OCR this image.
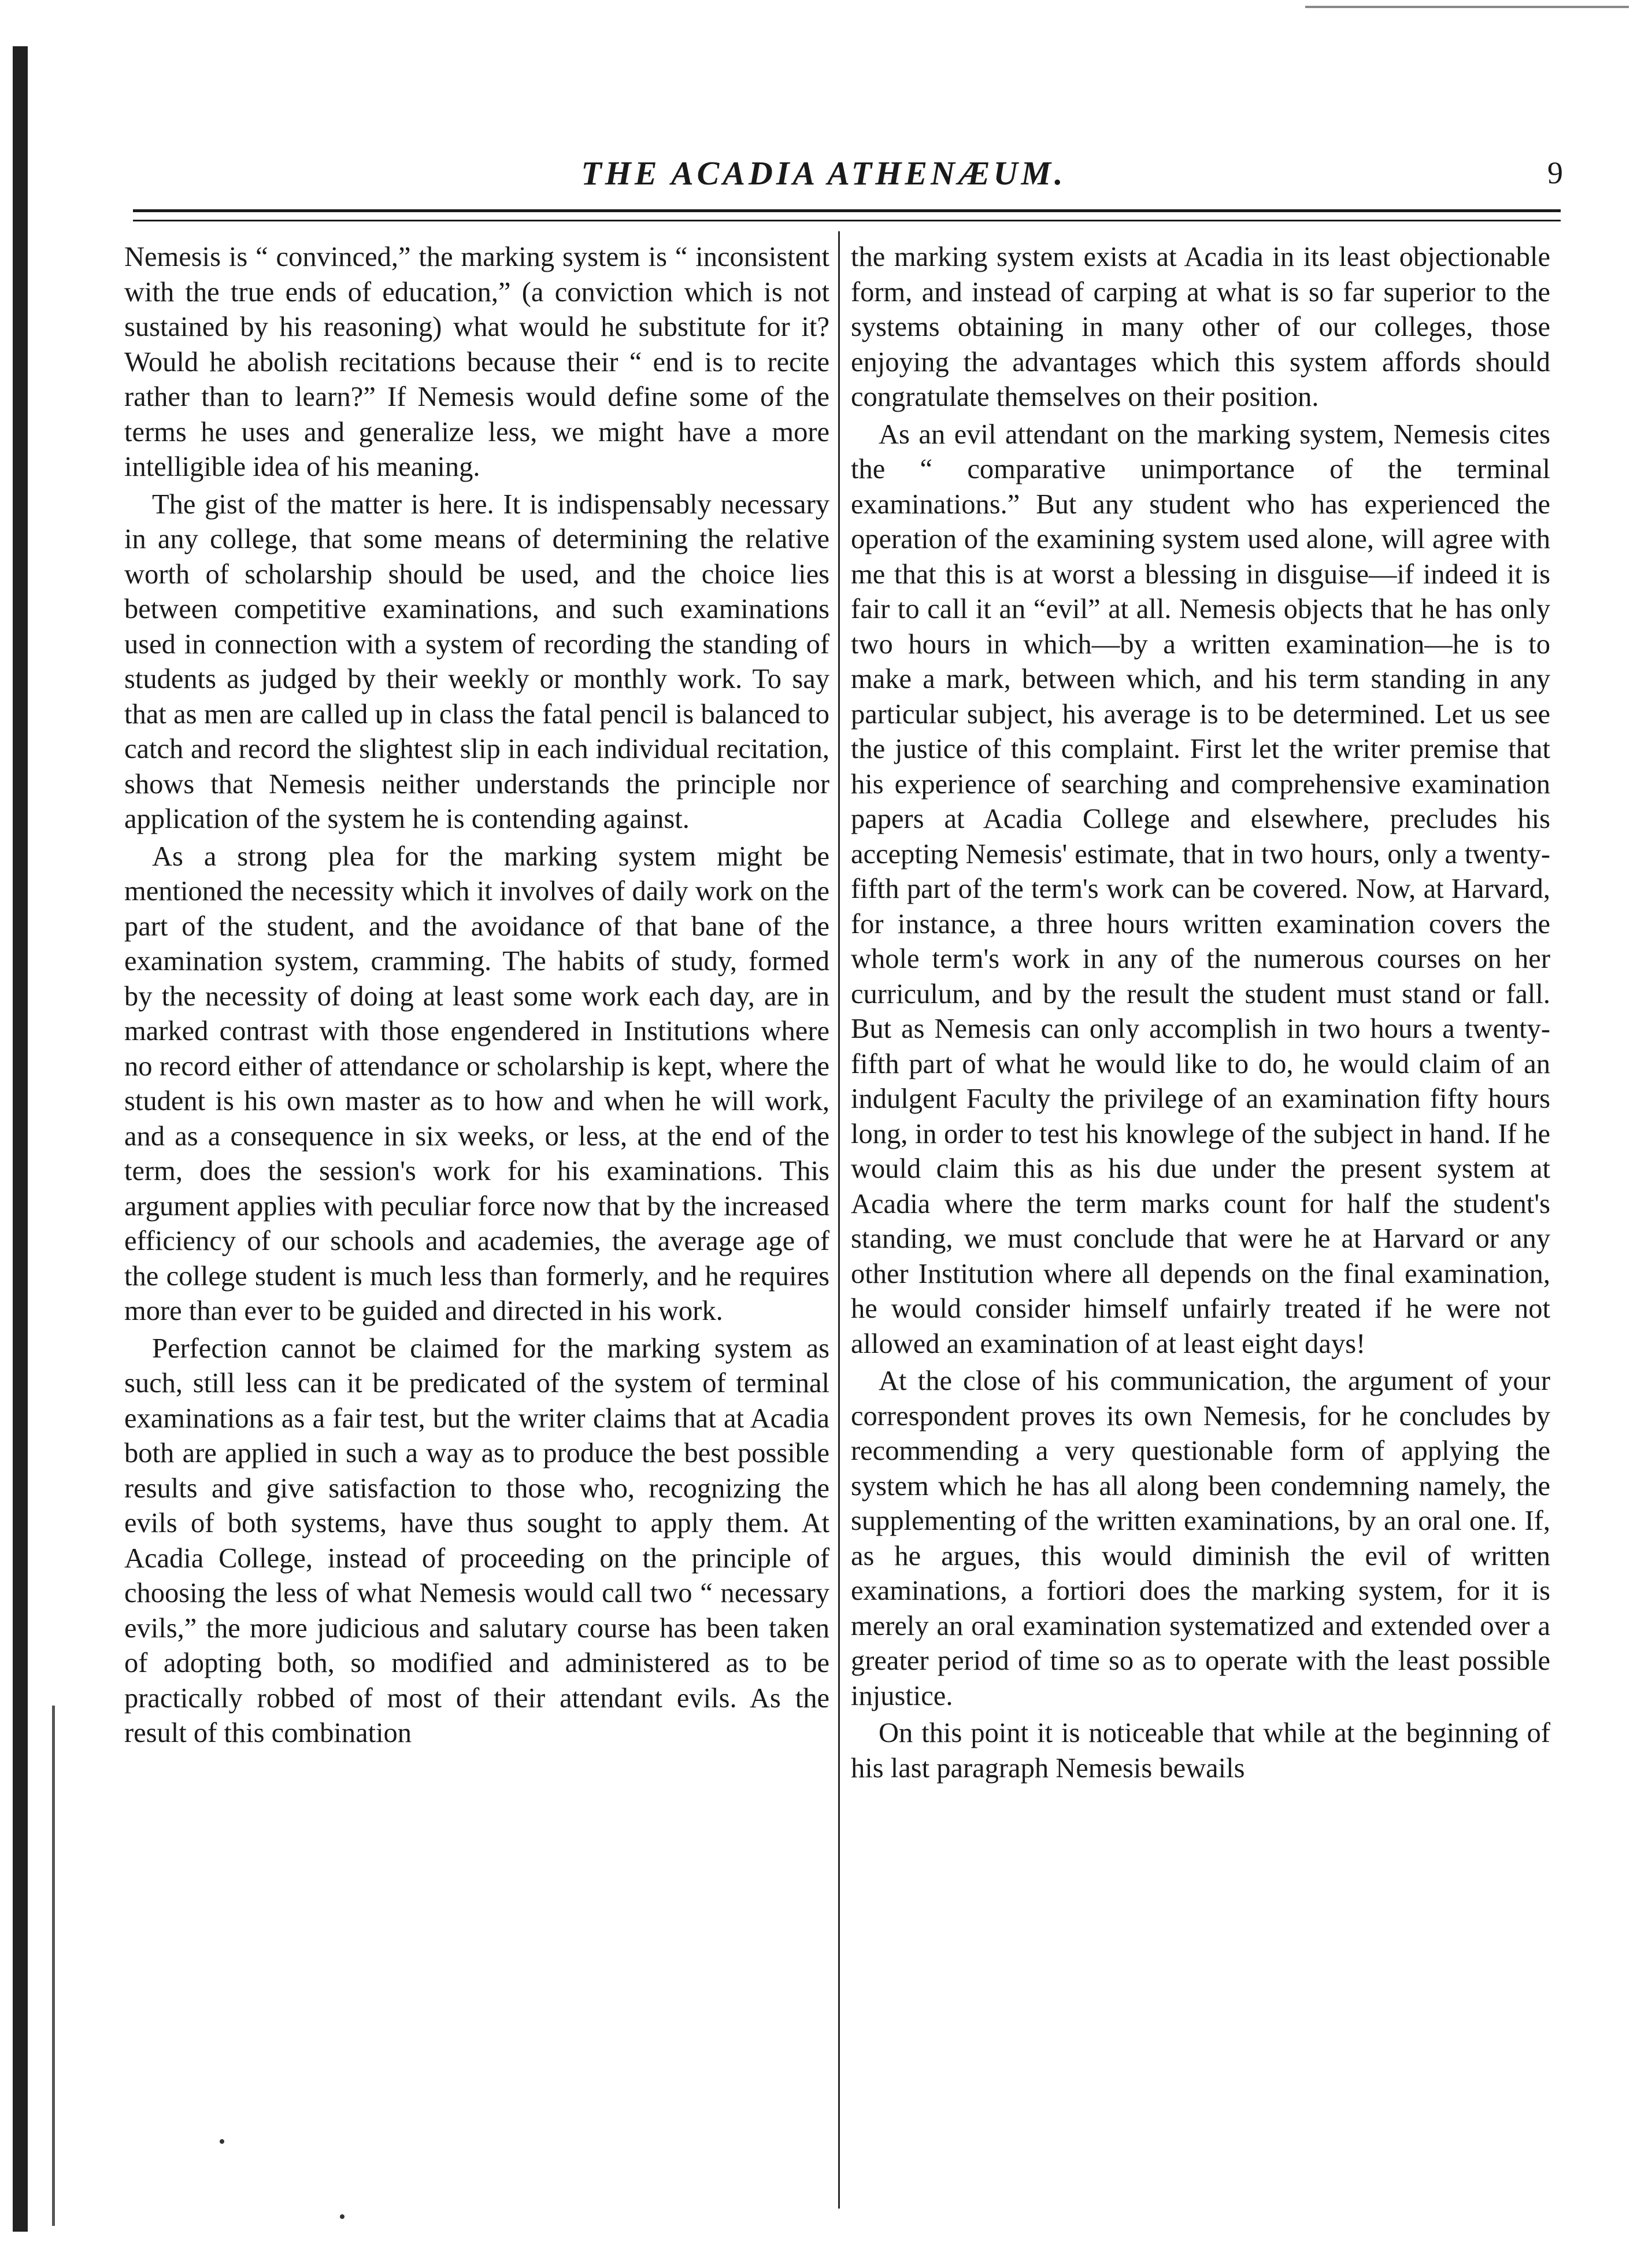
THE ACADIA ATHENÆUM.	9

Nemesis is “ convinced,” the marking system is “ inconsistent with the true ends of education,” (a conviction which is not sustained by his reasoning) what would he substitute for it? Would he abolish recitations because their “ end is to recite rather than to learn?” If Nemesis would define some of the terms he uses and generalize less, we might have a more intelligible idea of his meaning.

The gist of the matter is here. It is indispensably necessary in any college, that some means of determining the relative worth of scholarship should be used, and the choice lies between competitive examinations, and such examinations used in connection with a system of recording the standing of students as judged by their weekly or monthly work. To say that as men are called up in class the fatal pencil is balanced to catch and record the slightest slip in each individual recitation, shows that Nemesis neither understands the principle nor application of the system he is contending against.

As a strong plea for the marking system might be mentioned the necessity which it involves of daily work on the part of the student, and the avoidance of that bane of the examination system, cramming. The habits of study, formed by the necessity of doing at least some work each day, are in marked contrast with those engendered in Institutions where no record either of attendance or scholarship is kept, where the student is his own master as to how and when he will work, and as a consequence in six weeks, or less, at the end of the term, does the session's work for his examinations. This argument applies with peculiar force now that by the increased efficiency of our schools and academies, the average age of the college student is much less than formerly, and he requires more than ever to be guided and directed in his work.

Perfection cannot be claimed for the marking system as such, still less can it be predicated of the system of terminal examinations as a fair test, but the writer claims that at Acadia both are applied in such a way as to produce the best possible results and give satisfaction to those who, recognizing the evils of both systems, have thus sought to apply them. At Acadia College, instead of proceeding on the principle of choosing the less of what Nemesis would call two “ necessary evils,” the more judicious and salutary course has been taken of adopting both, so modified and administered as to be practically robbed of most of their attendant evils. As the result of this combination

the marking system exists at Acadia in its least objectionable form, and instead of carping at what is so far superior to the systems obtaining in many other of our colleges, those enjoying the advantages which this system affords should congratulate themselves on their position.

As an evil attendant on the marking system, Nemesis cites the “ comparative unimportance of the terminal examinations.” But any student who has experienced the operation of the examining system used alone, will agree with me that this is at worst a blessing in disguise—if indeed it is fair to call it an “evil” at all. Nemesis objects that he has only two hours in which—by a written examination—he is to make a mark, between which, and his term standing in any particular subject, his average is to be determined. Let us see the justice of this complaint. First let the writer premise that his experience of searching and comprehensive examination papers at Acadia College and elsewhere, precludes his accepting Nemesis' estimate, that in two hours, only a twenty-fifth part of the term's work can be covered. Now, at Harvard, for instance, a three hours written examination covers the whole term's work in any of the numerous courses on her curriculum, and by the result the student must stand or fall. But as Nemesis can only accomplish in two hours a twenty-fifth part of what he would like to do, he would claim of an indulgent Faculty the privilege of an examination fifty hours long, in order to test his knowlege of the subject in hand. If he would claim this as his due under the present system at Acadia where the term marks count for half the student's standing, we must conclude that were he at Harvard or any other Institution where all depends on the final examination, he would consider himself unfairly treated if he were not allowed an examination of at least eight days!

At the close of his communication, the argument of your correspondent proves its own Nemesis, for he concludes by recommending a very questionable form of applying the system which he has all along been condemning namely, the supplementing of the written examinations, by an oral one. If, as he argues, this would diminish the evil of written examinations, a fortiori does the marking system, for it is merely an oral examination systematized and extended over a greater period of time so as to operate with the least possible injustice.

On this point it is noticeable that while at the beginning of his last paragraph Nemesis bewails
